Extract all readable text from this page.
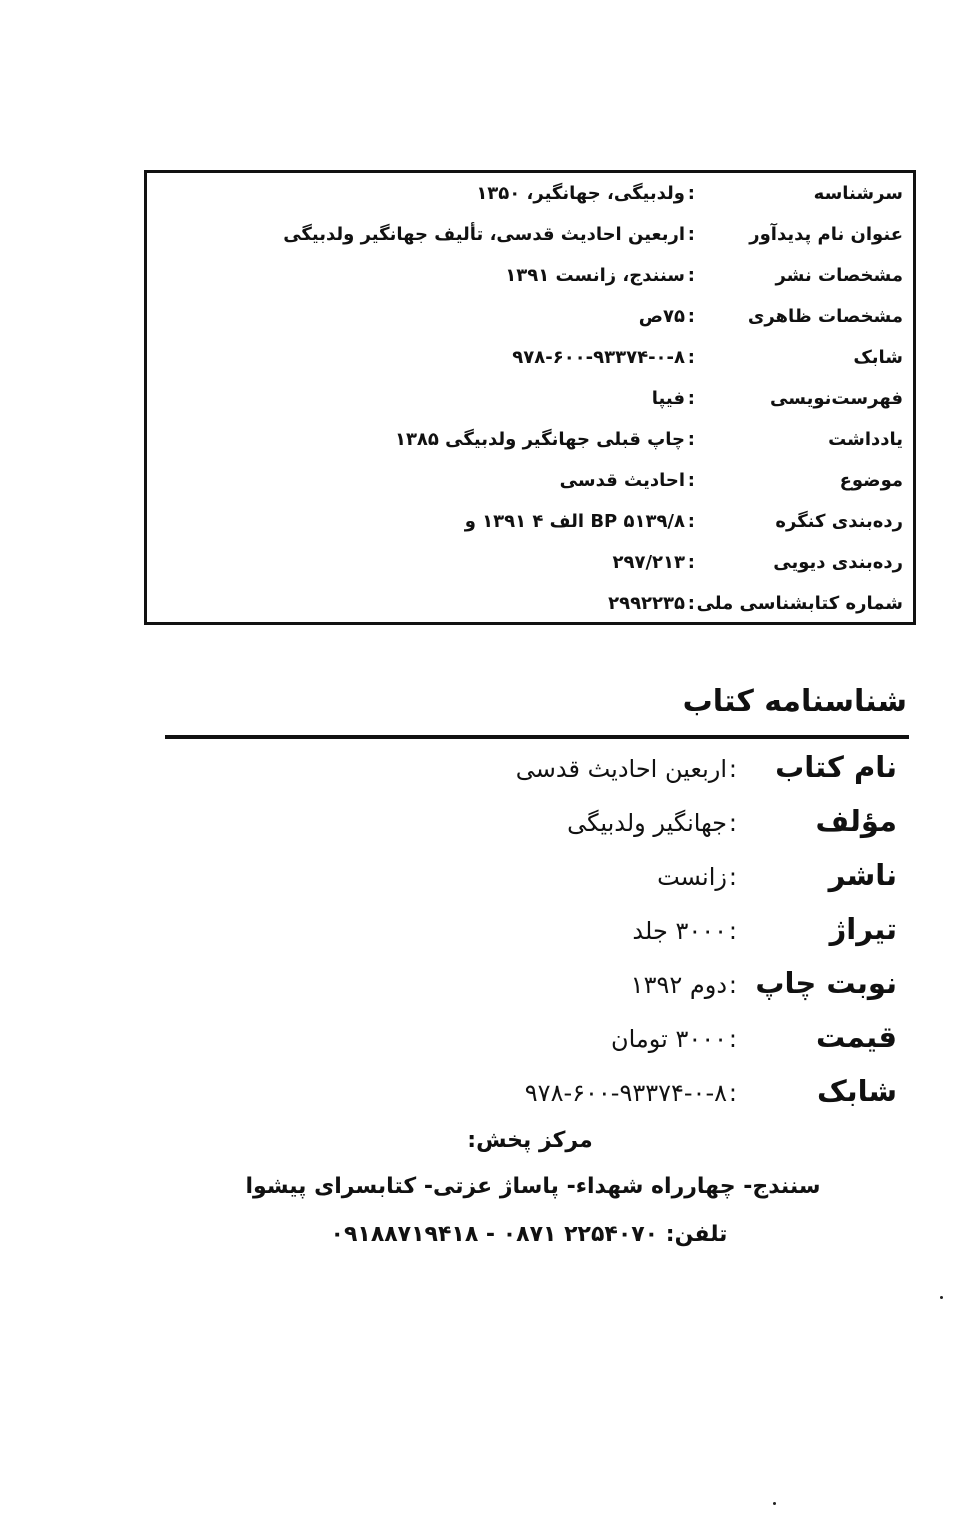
سرشناسه
:
ولدبیگی، جهانگیر، ۱۳۵۰
عنوان نام پدیدآور
:
اربعین احادیث قدسی، تألیف جهانگیر ولدبیگی
مشخصات نشر
:
سنندج، زانست ۱۳۹۱
مشخصات ظاهری
:
۷۵ص
شابک
:
۹۷۸-۶۰۰-۹۳۳۷۴-۰-۸
فهرست‌نویسی
:
فیپا
یادداشت
:
چاپ قبلی جهانگیر ولدبیگی ۱۳۸۵
موضوع
:
احادیث قدسی
رده‌بندی کنگره
:
BP ۵۱۳۹/۸ الف ۴ ۱۳۹۱ و
رده‌بندی دیویی
:
۲۹۷/۲۱۳
شماره کتابشناسی ملی
:
۲۹۹۲۲۳۵
شناسنامه کتاب
نام کتاب
:
اربعین احادیث قدسی
مؤلف
:
جهانگیر ولدبیگی
ناشر
:
زانست
تیراژ
:
۳۰۰۰ جلد
نوبت چاپ
:
دوم ۱۳۹۲
قیمت
:
۳۰۰۰ تومان
شابک
:
۹۷۸-۶۰۰-۹۳۳۷۴-۰-۸
مرکز پخش:
سنندج- چهارراه شهداء- پاساژ عزتی- کتابسرای پیشوا
تلفن: ۲۲۵۴۰۷۰ ۰۸۷۱ - ۰۹۱۸۸۷۱۹۴۱۸
